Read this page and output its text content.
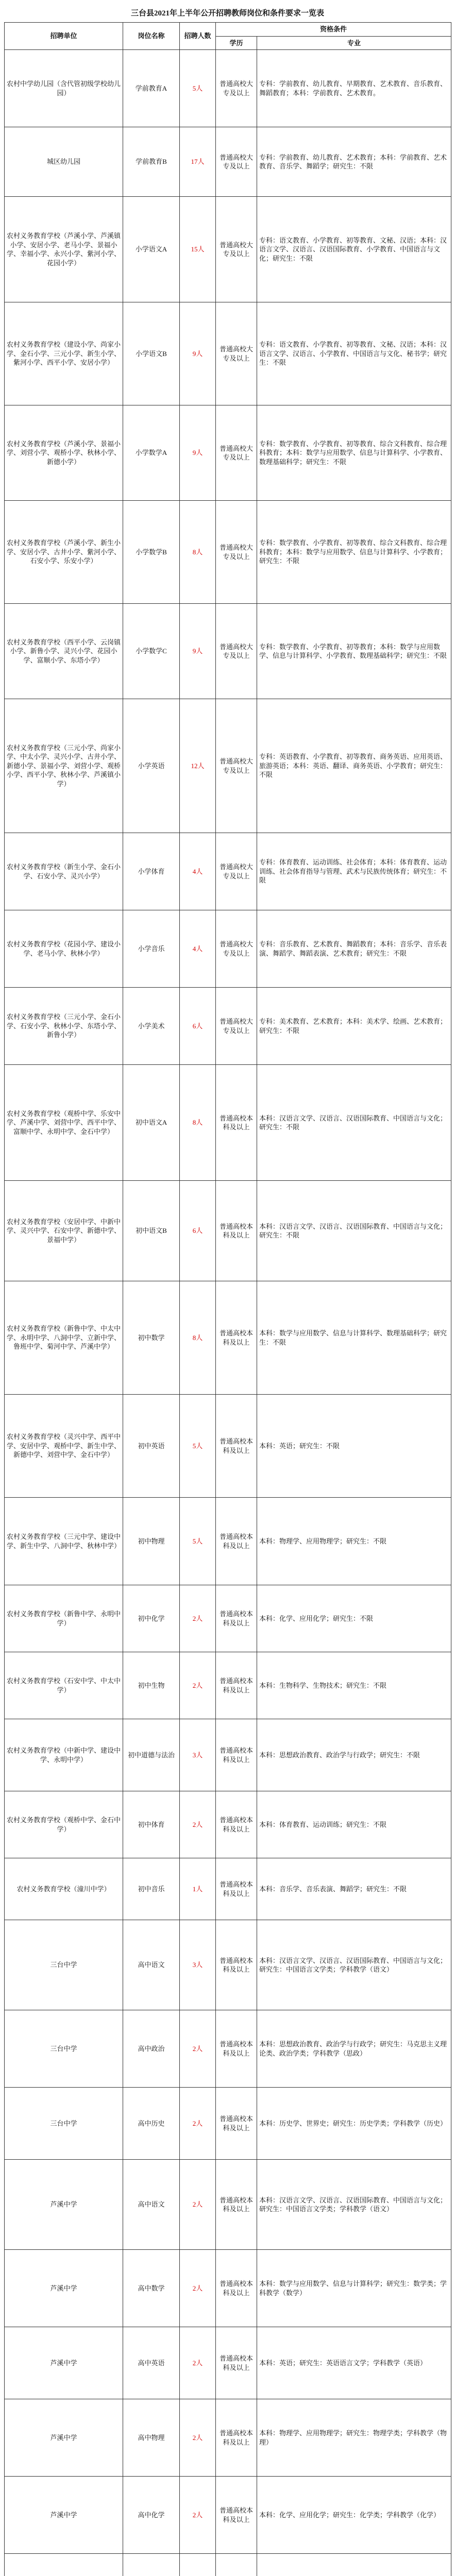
三台县2021年上半年公开招聘教师岗位和条件要求一览表
招聘单位	岗位名称	招聘人数	资格条件	
			学历	专业
农村中学幼儿园（含代管初级学校幼儿园）	学前教育A	5人	普通高校大专及以上	专科：学前教育、幼儿教育、早期教育、艺术教育、音乐教育、舞蹈教育；本科：学前教育、艺术教育。
城区幼儿园	学前教育B	17人	普通高校大专及以上	专科：学前教育、幼儿教育、艺术教育；本科：学前教育、艺术教育、音乐学、舞蹈学；研究生：不限
农村义务教育学校（芦溪小学、芦溪镇小学、安居小学、老马小学、景福小学、幸福小学、永兴小学、紫河小学、花园小学）	小学语文A	15人	普通高校大专及以上	专科：语文教育、小学教育、初等教育、文秘、汉语；本科：汉语言文学、汉语言、汉语国际教育、小学教育、中国语言与文化；研究生：不限
农村义务教育学校（建设小学、尚家小学、金石小学、三元小学、新生小学、紫河小学、西平小学、安居小学）	小学语文B	9人	普通高校大专及以上	专科：语文教育、小学教育、初等教育、文秘、汉语；本科：汉语言文学、汉语言、小学教育、中国语言与文化、秘书学；研究生：不限
农村义务教育学校（芦溪小学、景福小学、刘营小学、观桥小学、秋林小学、新德小学）	小学数学A	9人	普通高校大专及以上	专科：数学教育、小学教育、初等教育、综合文科教育、综合理科教育；本科：数学与应用数学、信息与计算科学、小学教育、数理基础科学；研究生：不限
农村义务教育学校（芦溪小学、新生小学、安居小学、古井小学、紫河小学、石安小学、乐安小学）	小学数学B	8人	普通高校大专及以上	专科：数学教育、小学教育、初等教育、综合文科教育、综合理科教育；本科：数学与应用数学、信息与计算科学、小学教育；研究生：不限
农村义务教育学校（西平小学、云岗镇小学、新鲁小学、灵兴小学、花园小学、富顺小学、东塔小学）	小学数学C	9人	普通高校大专及以上	专科：数学教育、小学教育、初等教育；本科：数学与应用数学、信息与计算科学、小学教育、数理基础科学；研究生：不限
农村义务教育学校（三元小学、尚家小学、中太小学、灵兴小学、古井小学、新德小学、景福小学、刘营小学、观桥小学、西平小学、秋林小学、芦溪镇小学）	小学英语	12人	普通高校大专及以上	专科：英语教育、小学教育、初等教育、商务英语、应用英语、旅游英语；本科：英语、翻译、商务英语、小学教育；研究生：不限
农村义务教育学校（新生小学、金石小学、石安小学、灵兴小学）	小学体育	4人	普通高校大专及以上	专科：体育教育、运动训练、社会体育；本科：体育教育、运动训练、社会体育指导与管理、武术与民族传统体育；研究生：不限
农村义务教育学校（花园小学、建设小学、老马小学、秋林小学）	小学音乐	4人	普通高校大专及以上	专科：音乐教育、艺术教育、舞蹈教育；本科：音乐学、音乐表演、舞蹈学、舞蹈表演、艺术教育；研究生：不限
农村义务教育学校（三元小学、金石小学、石安小学、秋林小学、东塔小学、新鲁小学）	小学美术	6人	普通高校大专及以上	专科：美术教育、艺术教育；本科：美术学、绘画、艺术教育；研究生：不限
农村义务教育学校（观桥中学、乐安中学、芦溪中学、刘营中学、西平中学、富顺中学、永明中学、金石中学）	初中语文A	8人	普通高校本科及以上	本科：汉语言文学、汉语言、汉语国际教育、中国语言与文化；研究生：不限
农村义务教育学校（安居中学、中新中学、灵兴中学、石安中学、新德中学、景福中学）	初中语文B	6人	普通高校本科及以上	本科：汉语言文学、汉语言、汉语国际教育、中国语言与文化；研究生：不限
农村义务教育学校（新鲁中学、中太中学、永明中学、八洞中学、立新中学、鲁班中学、菊河中学、芦溪中学）	初中数学	8人	普通高校本科及以上	本科：数学与应用数学、信息与计算科学、数理基础科学；研究生：不限
农村义务教育学校（灵兴中学、西平中学、安居中学、观桥中学、新生中学、新德中学、刘营中学、金石中学）	初中英语	5人	普通高校本科及以上	本科：英语；研究生：不限
农村义务教育学校（三元中学、建设中学、新生中学、八洞中学、秋林中学）	初中物理	5人	普通高校本科及以上	本科：物理学、应用物理学；研究生：不限
农村义务教育学校（新鲁中学、永明中学）	初中化学	2人	普通高校本科及以上	本科：化学、应用化学；研究生：不限
农村义务教育学校（石安中学、中太中学）	初中生物	2人	普通高校本科及以上	本科：生物科学、生物技术；研究生：不限
农村义务教育学校（中新中学、建设中学、永明中学）	初中道德与法治	3人	普通高校本科及以上	本科：思想政治教育、政治学与行政学；研究生：不限
农村义务教育学校（观桥中学、金石中学）	初中体育	2人	普通高校本科及以上	本科：体育教育、运动训练；研究生：不限
农村义务教育学校（潼川中学）	初中音乐	1人	普通高校本科及以上	本科：音乐学、音乐表演、舞蹈学；研究生：不限
三台中学	高中语文	3人	普通高校本科及以上	本科：汉语言文学、汉语言、汉语国际教育、中国语言与文化；研究生：中国语言文学类；学科教学（语文）
三台中学	高中政治	2人	普通高校本科及以上	本科：思想政治教育、政治学与行政学；研究生：马克思主义理论类、政治学类；学科教学（思政）
三台中学	高中历史	2人	普通高校本科及以上	本科：历史学、世界史；研究生：历史学类；学科教学（历史）
芦溪中学	高中语文	2人	普通高校本科及以上	本科：汉语言文学、汉语言、汉语国际教育、中国语言与文化；研究生：中国语言文学类；学科教学（语文）
芦溪中学	高中数学	2人	普通高校本科及以上	本科：数学与应用数学、信息与计算科学；研究生：数学类；学科教学（数学）
芦溪中学	高中英语	2人	普通高校本科及以上	本科：英语；研究生：英语语言文学；学科教学（英语）
芦溪中学	高中物理	2人	普通高校本科及以上	本科：物理学、应用物理学；研究生：物理学类；学科教学（物理）
芦溪中学	高中化学	2人	普通高校本科及以上	本科：化学、应用化学；研究生：化学类；学科教学（化学）
